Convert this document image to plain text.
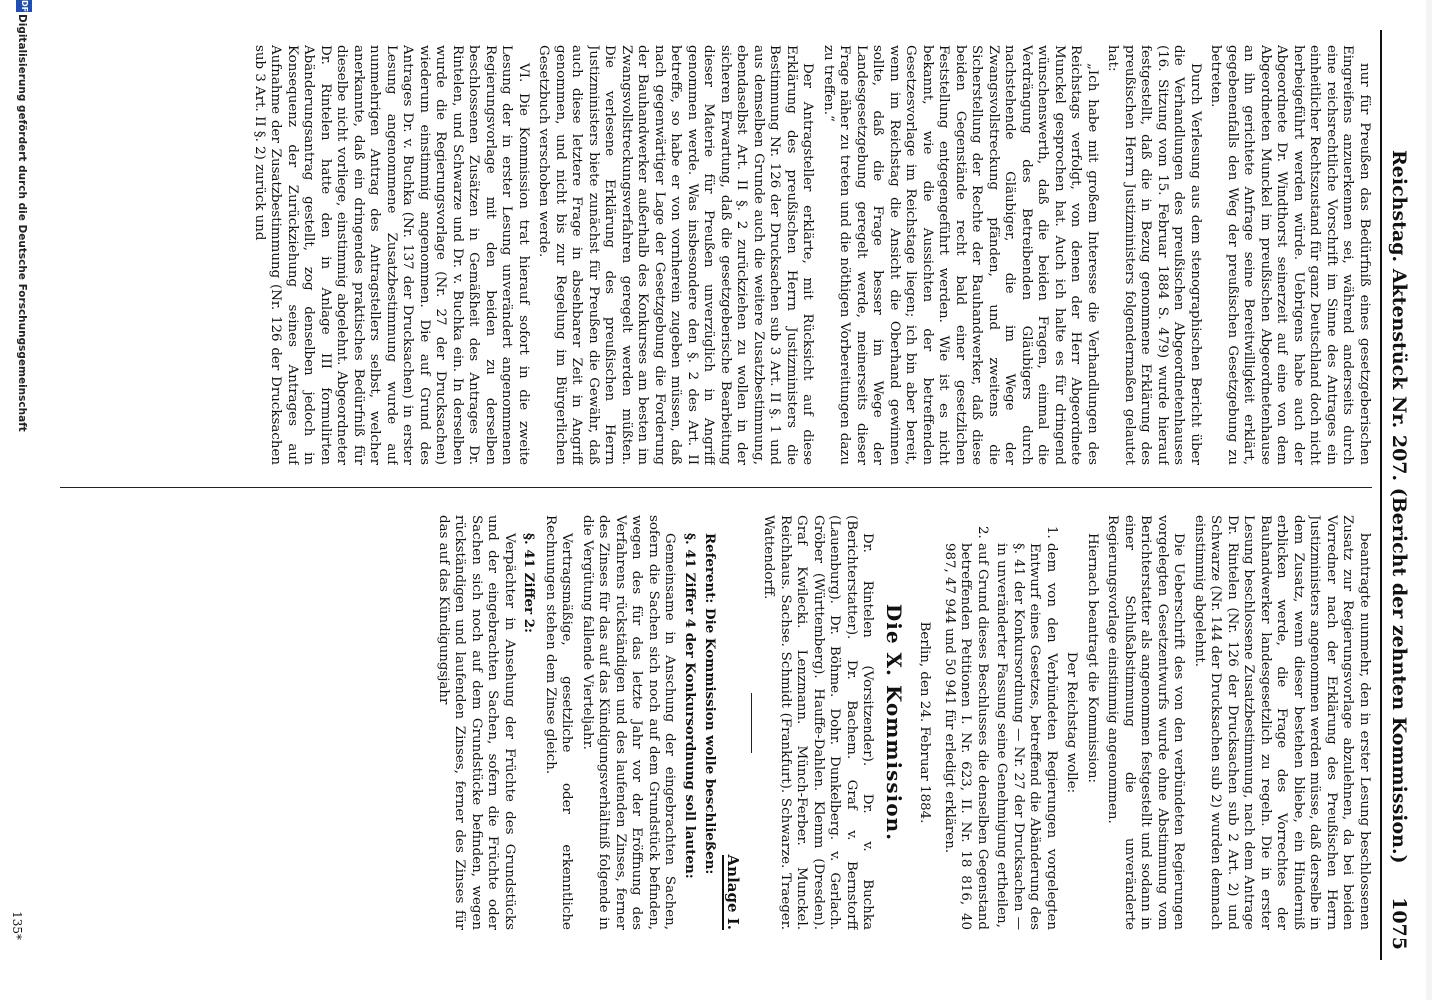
Reichstag. Aktenstück Nr. 207. (Bericht der zehnten Kommission.)
1075

nur für Preußen das Bedürfniß eines gesetzgeberischen Eingreifens anzuerkennen sei, während anderseits durch eine reichsrechtliche Vorschrift im Sinne des Antrages ein einheitlicher Rechtszustand für ganz Deutschland doch nicht herbeigeführt werden würde. Uebrigens habe auch der Abgeordnete Dr. Windthorst seinerzeit auf eine von dem Abgeordneten Munckel im preußischen Abgeordnetenhause an ihn gerichtete Anfrage seine Bereitwilligkeit erklärt, gegebenenfalls den Weg der preußischen Gesetzgebung zu betreten.

Durch Verlesung aus dem stenographischen Bericht über die Verhandlungen des preußischen Abgeordnetenhauses (16. Sitzung vom 15. Februar 1884 S. 479) wurde hierauf festgestellt, daß die in Bezug genommene Erklärung des preußischen Herrn Justizministers folgendermaßen gelautet hat:

„Ich habe mit großem Interesse die Verhandlungen des Reichstags verfolgt, von denen der Herr Abgeordnete Munckel gesprochen hat. Auch ich halte es für dringend wünschenswerth, daß die beiden Fragen, einmal die Verdrängung des Betreibenden Gläubigers durch nachstehende Gläubiger, die im Wege der Zwangsvollstreckung pfänden, und zweitens die Sicherstellung der Rechte der Bauhandwerker, daß diese beiden Gegenstände recht bald einer gesetzlichen Feststellung entgegengeführt werden. Wie ist es nicht bekannt, wie die Aussichten der betreffenden Gesetzesvorlage im Reichstage liegen; ich bin aber bereit, wenn im Reichstag die Ansicht die Oberhand gewinnen sollte, daß die Frage besser im Wege der Landesgesetzgebung geregelt werde, meinerseits dieser Frage näher zu treten und die nöthigen Vorbereitungen dazu zu treffen.“

Der Antragsteller erklärte, mit Rücksicht auf diese Erklärung des preußischen Herrn Justizministers die Bestimmung Nr. 126 der Drucksachen sub 3 Art. II §. 1 und aus demselben Grunde auch die weitere Zusatzbestimmung, ebendaselbst Art. II §. 2 zurückziehen zu wollen in der sicheren Erwartung, daß die gesetzgeberische Bearbeitung dieser Materie für Preußen unverzüglich in Angriff genommen werde. Was insbesondere den §. 2 des Art. II betreffe, so habe er von vornherein zugeben müssen, daß nach gegenwärtiger Lage der Gesetzgebung die Forderung der Bauhandwerker außerhalb des Konkurses am besten im Zwangsvollstreckungsverfahren geregelt werden müßten. Die verlesene Erklärung des preußischen Herrn Justizministers biete zunächst für Preußen die Gewähr, daß auch diese letztere Frage in absehbarer Zeit in Angriff genommen, und nicht bis zur Regelung im Bürgerlichen Gesetzbuch verschoben werde.

VI. Die Kommission trat hierauf sofort in die zweite Lesung der in erster Lesung unverändert angenommenen Regierungsvorlage mit den beiden zu derselben beschlossenen Zusätzen in Gemäßheit des Antrages Dr. Rintelen, und Schwarze und Dr. v. Buchka ein. In derselben wurde die Regierungsvorlage (Nr. 27 der Drucksachen) wiederum einstimmig angenommen. Die auf Grund des Antrages Dr. v. Buchka (Nr. 137 der Drucksachen) in erster Lesung angenommene Zusatzbestimmung wurde auf nunmehrigen Antrag des Antragstellers selbst, welcher anerkannte, daß ein dringendes praktisches Bedürfniß für dieselbe nicht vorliege, einstimmig abgelehnt. Abgeordneter Dr. Rintelen hatte den in Anlage III formulirten Abänderungsantrag gestellt, zog denselben jedoch in Konsequenz der Zurückziehung seines Antrages auf Aufnahme der Zusatzbestimmung (Nr. 126 der Drucksachen sub 3 Art. II §. 2) zurück und

beantragte nunmehr, den in erster Lesung beschlossenen Zusatz zur Regierungsvorlage abzulehnen, da bei beiden Vorredner nach der Erklärung des Preußischen Herrn Justizministers angenommen werden müsse, daß derselbe in dem Zusatz, wenn dieser bestehen bliebe, ein Hinderniß erblicken werde, die Frage des Vorrechtes der Bauhandwerker landesgesetzlich zu regeln. Die in erster Lesung beschlossene Zusatzbestimmung, nach dem Antrage Dr. Rintelen (Nr. 126 der Drucksachen sub 2 Art. 2) und Schwarze (Nr. 144 der Drucksachen sub 2) wurden demnach einstimmig abgelehnt.

Die Ueberschrift des von den verbündeten Regierungen vorgelegten Gesetzentwurfs wurde ohne Abstimmung vom Berichterstatter als angenommen festgestellt und sodann in einer Schlußabstimmung die unveränderte Regierungsvorlage einstimmig angenommen.

Hiernach beantragt die Kommission:

Der Reichstag wolle:

1. dem von den Verbündeten Regierungen vorgelegten Entwurf eines Gesetzes, betreffend die Abänderung des §. 41 der Konkursordnung — Nr. 27 der Drucksachen — in unveränderter Fassung seine Genehmigung ertheilen,
2. auf Grund dieses Beschlusses die denselben Gegenstand betreffenden Petitionen I. Nr. 623, II. Nr. 18 816, 40 987, 47 944 und 50 941 für erledigt erklären.

Berlin, den 24. Februar 1884.

Die X. Kommission.

Dr. Rintelen (Vorsitzender). Dr. v. Buchka (Berichterstatter). Dr. Bachem. Graf v. Bernstorff (Lauenburg). Dr. Böhme. Dohr. Dunkelberg. v. Gerlach. Gröber (Württemberg). Hauffe-Dahlen. Klemm (Dresden). Graf Kwilecki. Lenzmann. Münch-Ferber. Munckel. Reichhaus. Sachse. Schmidt (Frankfurt). Schwarze. Traeger. Wattendorff.

Anlage I.

Referent: Die Kommission wolle beschließen:

§. 41 Ziffer 4 der Konkursordnung soll lauten:

Gemeinsame in Anschung der eingebrachten Sachen, sofern die Sachen sich noch auf dem Grundstück befinden, wegen des für das letzte Jahr vor der Eröffnung des Verfahrens rückständigen und des laufenden Zinses, ferner des Zinses für das auf das Kündigungsverhältniß folgende in die Vergütung fallende Vierteljahr.

Vertragsmäßige, gesetzliche oder erkenntliche Rechnungen stehen dem Zinse gleich.

§. 41 Ziffer 2:

Verpächter in Ansehung der Früchte des Grundstücks und der eingebrachten Sachen, sofern die Früchte oder Sachen sich noch auf dem Grundstücke befinden, wegen rückständigen und laufenden Zinses, ferner des Zinses für das auf das Kündigungsjahr

135*
DFG
Digitalisierung gefördert durch die Deutsche Forschungsgemeinschaft
